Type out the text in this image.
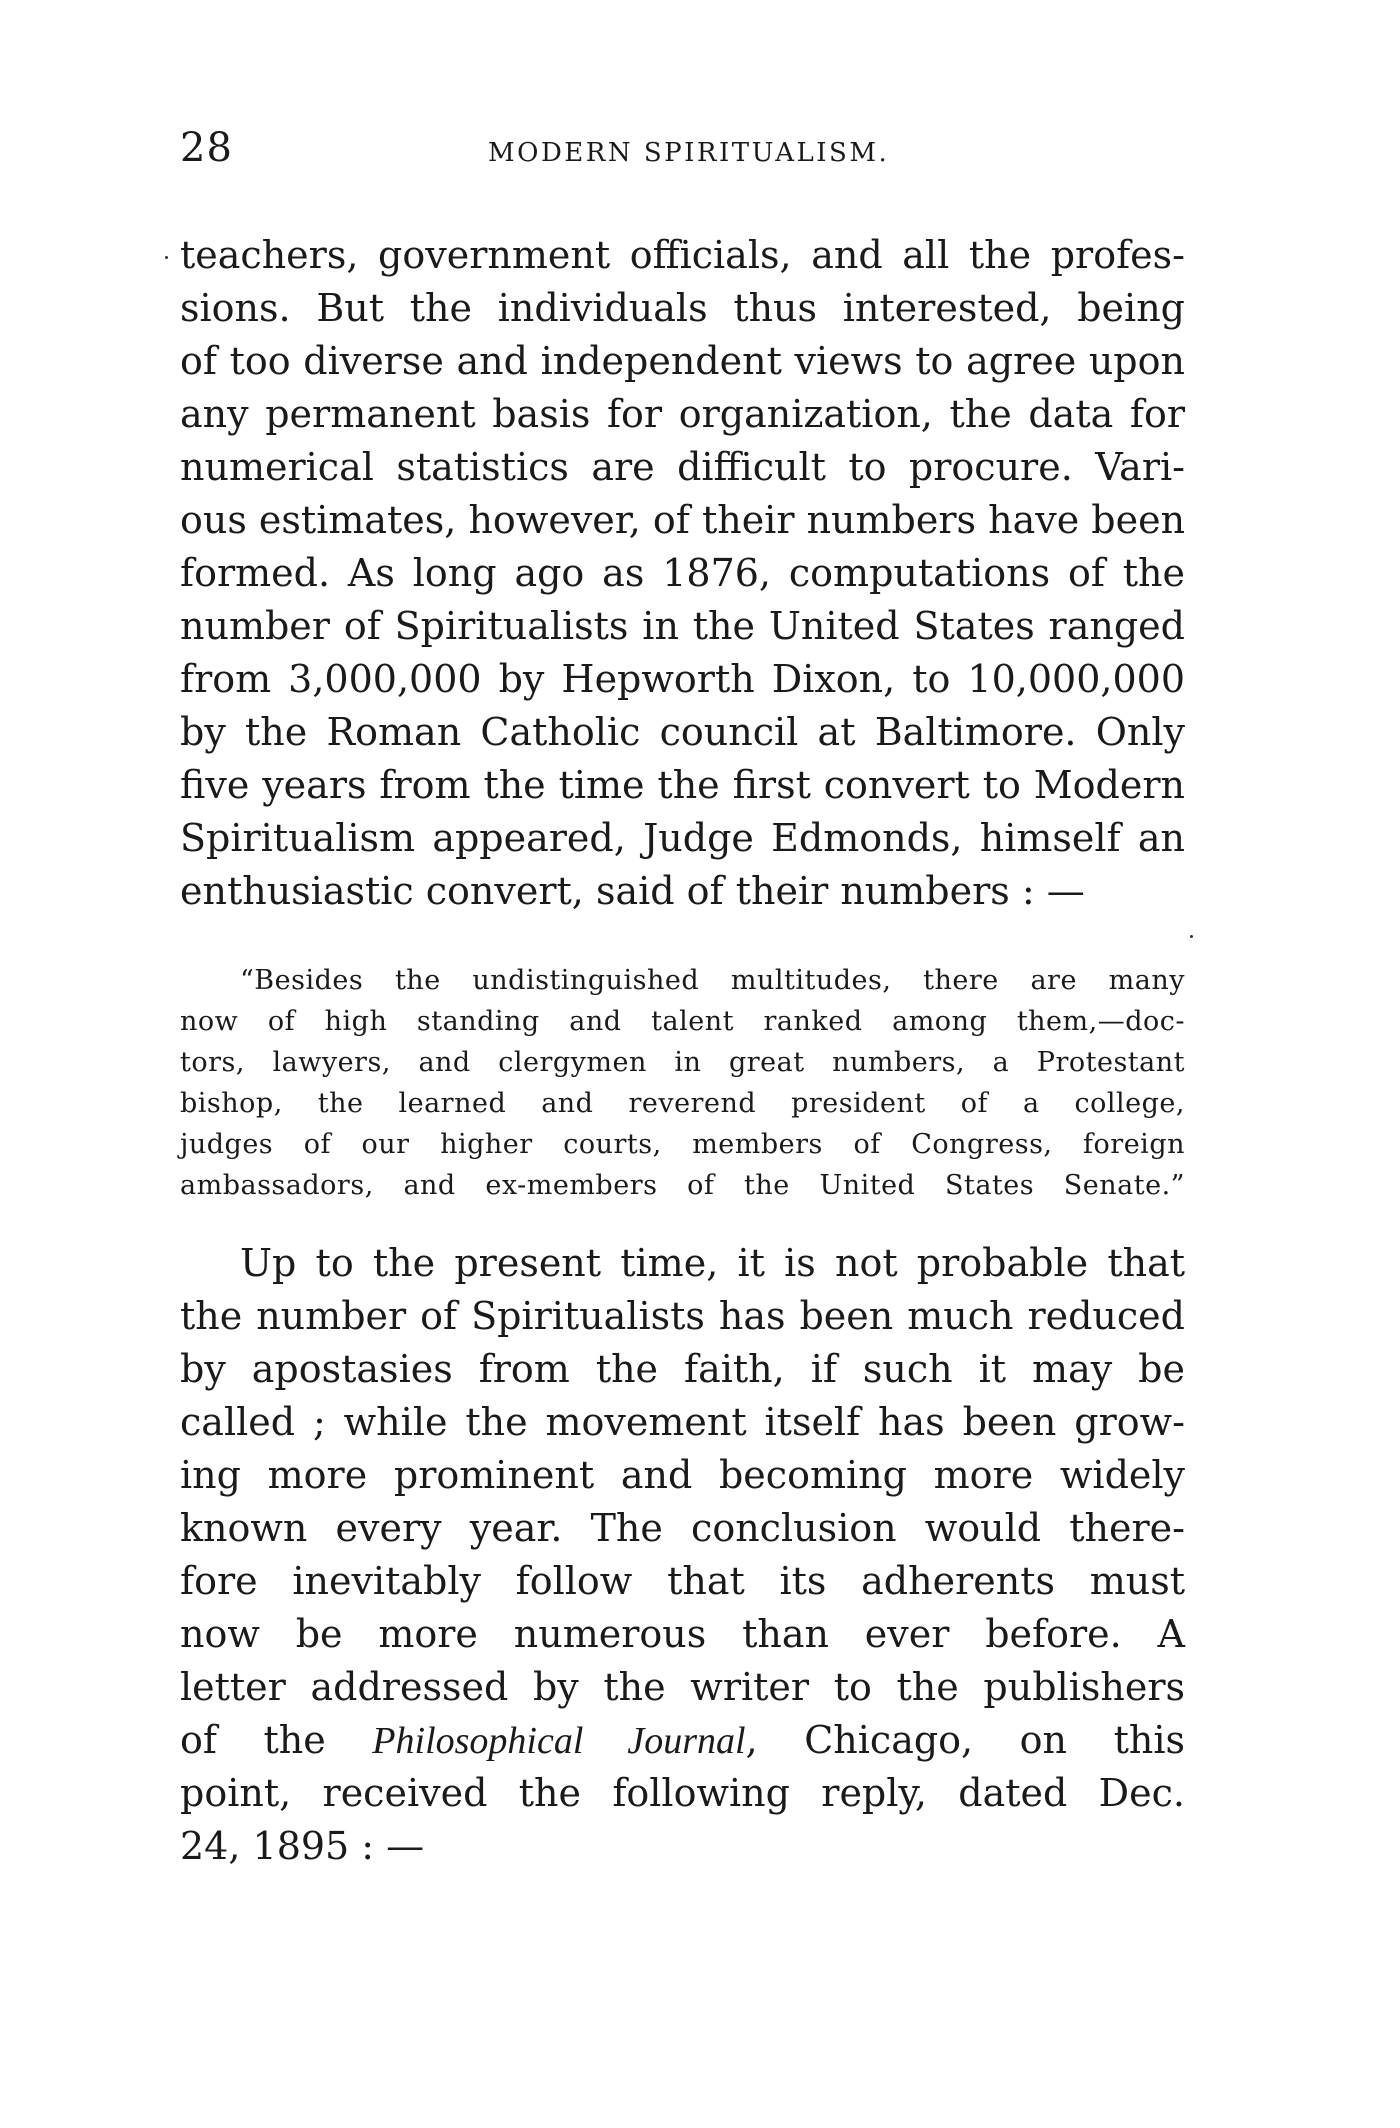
28	MODERN SPIRITUALISM.
teachers, government officials, and all the profes-
sions. But the individuals thus interested, being
of too diverse and independent views to agree upon
any permanent basis for organization, the data for
numerical statistics are difficult to procure. Vari-
ous estimates, however, of their numbers have been
formed. As long ago as 1876, computations of the
number of Spiritualists in the United States ranged
from 3,000,000 by Hepworth Dixon, to 10,000,000
by the Roman Catholic council at Baltimore. Only
five years from the time the first convert to Modern
Spiritualism appeared, Judge Edmonds, himself an
enthusiastic convert, said of their numbers : —
“Besides the undistinguished multitudes, there are many
now of high standing and talent ranked among them,—doc-
tors, lawyers, and clergymen in great numbers, a Protestant
bishop, the learned and reverend president of a college,
judges of our higher courts, members of Congress, foreign
ambassadors, and ex-members of the United States Senate.”
Up to the present time, it is not probable that
the number of Spiritualists has been much reduced
by apostasies from the faith, if such it may be
called ; while the movement itself has been grow-
ing more prominent and becoming more widely
known every year. The conclusion would there-
fore inevitably follow that its adherents must
now be more numerous than ever before. A
letter addressed by the writer to the publishers
of the Philosophical Journal, Chicago, on this
point, received the following reply, dated Dec.
24, 1895 : —
